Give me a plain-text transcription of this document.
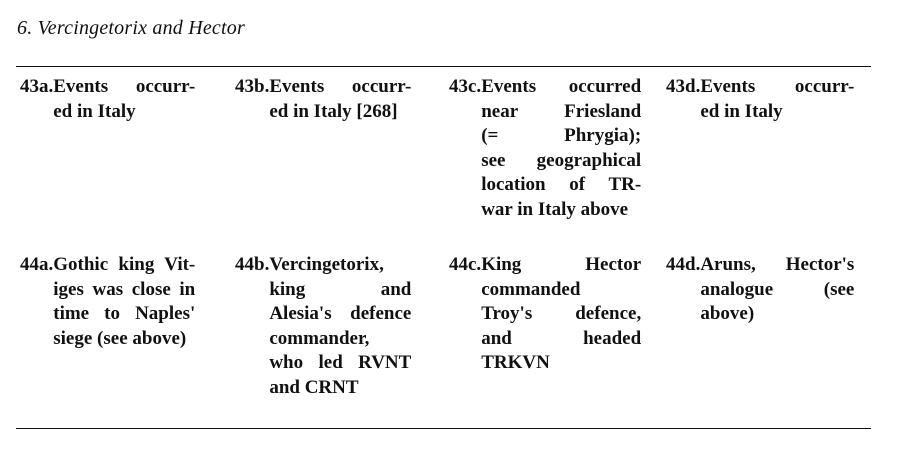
6. Vercingetorix and Hector
43a. Events occurr-
ed in Italy
43b. Events occurr-
ed in Italy [268]
43c. Events occurred
near Friesland
(= Phrygia);
see geographical
location of TR-
war in Italy above
43d. Events occurr-
ed in Italy
44a. Gothic king Vit-
iges was close in
time to Naples'
siege (see above)
44b. Vercingetorix,
king and
Alesia's defence
commander,
who led RVNT
and CRNT
44c. King Hector
commanded
Troy's defence,
and headed
TRKVN
44d. Aruns, Hector's
analogue (see
above)
